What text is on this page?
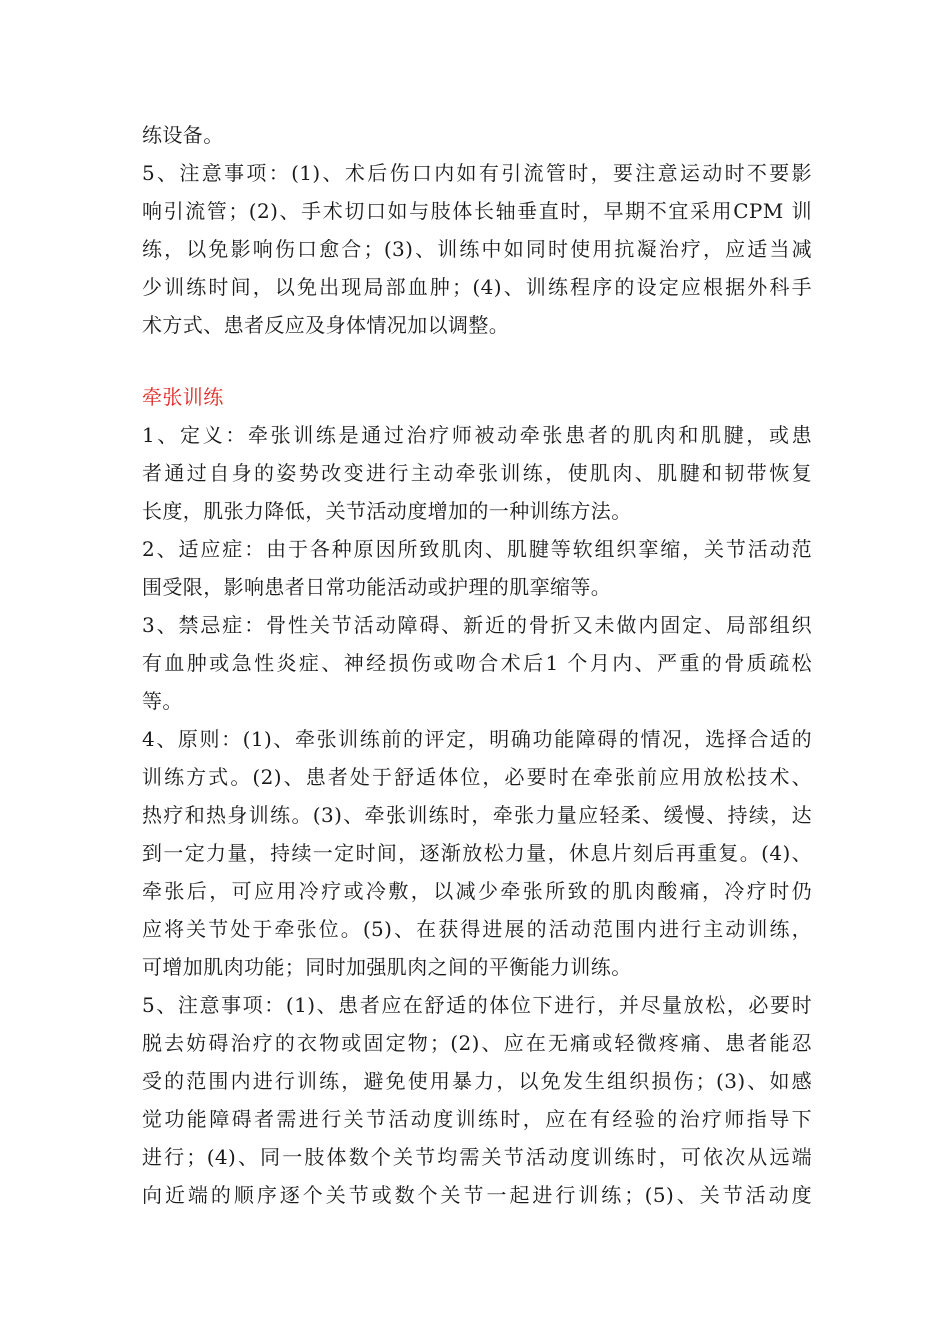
练设备。
5、注意事项：(1)、术后伤口内如有引流管时，要注意运动时不要影
响引流管；(2)、手术切口如与肢体长轴垂直时，早期不宜采用CPM 训
练，以免影响伤口愈合；(3)、训练中如同时使用抗凝治疗，应适当减
少训练时间，以免出现局部血肿；(4)、训练程序的设定应根据外科手
术方式、患者反应及身体情况加以调整。
牵张训练
1、定义：牵张训练是通过治疗师被动牵张患者的肌肉和肌腱，或患
者通过自身的姿势改变进行主动牵张训练，使肌肉、肌腱和韧带恢复
长度，肌张力降低，关节活动度增加的一种训练方法。
2、适应症：由于各种原因所致肌肉、肌腱等软组织挛缩，关节活动范
围受限，影响患者日常功能活动或护理的肌挛缩等。
3、禁忌症：骨性关节活动障碍、新近的骨折又未做内固定、局部组织
有血肿或急性炎症、神经损伤或吻合术后1 个月内、严重的骨质疏松
等。
4、原则：(1)、牵张训练前的评定，明确功能障碍的情况，选择合适的
训练方式。(2)、患者处于舒适体位，必要时在牵张前应用放松技术、
热疗和热身训练。(3)、牵张训练时，牵张力量应轻柔、缓慢、持续，达
到一定力量，持续一定时间，逐渐放松力量，休息片刻后再重复。(4)、
牵张后，可应用冷疗或冷敷，以减少牵张所致的肌肉酸痛，冷疗时仍
应将关节处于牵张位。(5)、在获得进展的活动范围内进行主动训练，
可增加肌肉功能；同时加强肌肉之间的平衡能力训练。
5、注意事项：(1)、患者应在舒适的体位下进行，并尽量放松，必要时
脱去妨碍治疗的衣物或固定物；(2)、应在无痛或轻微疼痛、患者能忍
受的范围内进行训练，避免使用暴力，以免发生组织损伤；(3)、如感
觉功能障碍者需进行关节活动度训练时，应在有经验的治疗师指导下
进行；(4)、同一肢体数个关节均需关节活动度训练时，可依次从远端
向近端的顺序逐个关节或数个关节一起进行训练；(5)、关节活动度
